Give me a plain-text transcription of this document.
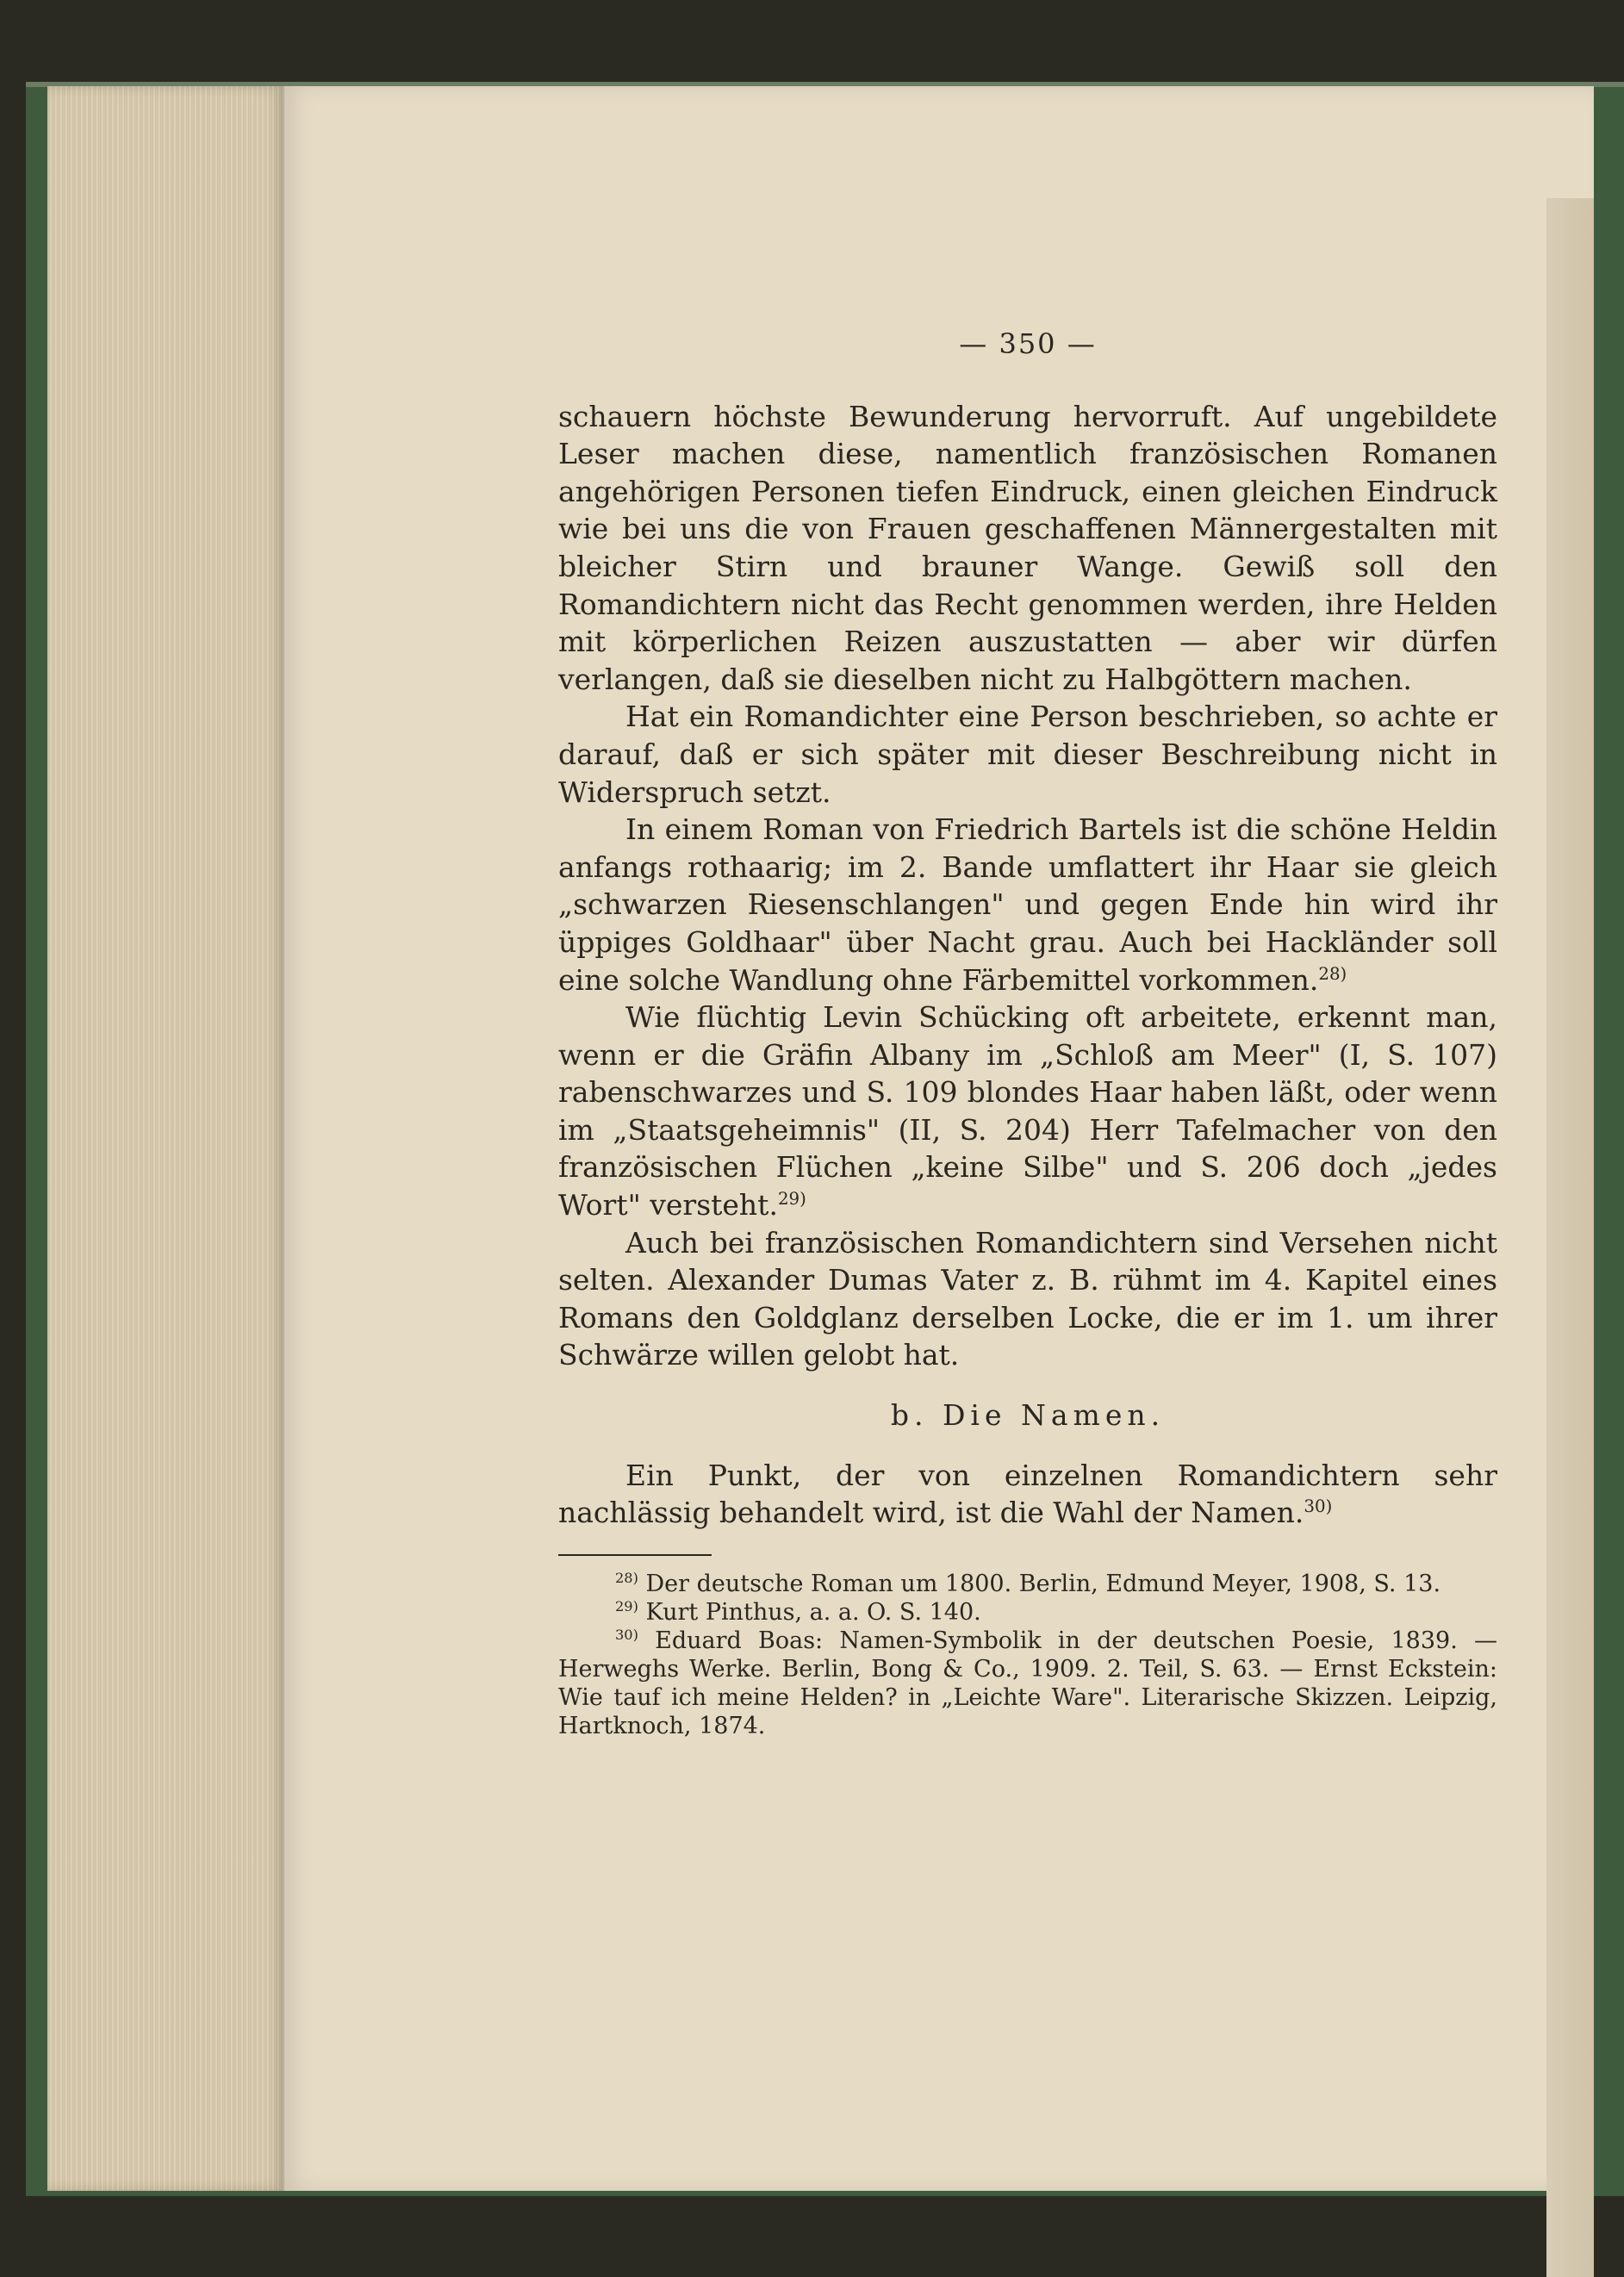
— 350 —

schauern höchste Bewunderung hervorruft. Auf ungebildete Leser machen diese, namentlich französischen Romanen angehörigen Personen tiefen Eindruck, einen gleichen Eindruck wie bei uns die von Frauen geschaffenen Männergestalten mit bleicher Stirn und brauner Wange. Gewiß soll den Romandichtern nicht das Recht genommen werden, ihre Helden mit körperlichen Reizen auszustatten — aber wir dürfen verlangen, daß sie dieselben nicht zu Halbgöttern machen.

Hat ein Romandichter eine Person beschrieben, so achte er darauf, daß er sich später mit dieser Beschreibung nicht in Widerspruch setzt.

In einem Roman von Friedrich Bartels ist die schöne Heldin anfangs rothaarig; im 2. Bande umflattert ihr Haar sie gleich „schwarzen Riesenschlangen" und gegen Ende hin wird ihr üppiges Goldhaar" über Nacht grau. Auch bei Hackländer soll eine solche Wandlung ohne Färbemittel vorkommen.$^{28)}$

Wie flüchtig Levin Schücking oft arbeitete, erkennt man, wenn er die Gräfin Albany im „Schloß am Meer" (I, S. 107) rabenschwarzes und S. 109 blondes Haar haben läßt, oder wenn im „Staatsgeheimnis" (II, S. 204) Herr Tafelmacher von den französischen Flüchen „keine Silbe" und S. 206 doch „jedes Wort" versteht.$^{29)}$

Auch bei französischen Romandichtern sind Versehen nicht selten. Alexander Dumas Vater z. B. rühmt im 4. Kapitel eines Romans den Goldglanz derselben Locke, die er im 1. um ihrer Schwärze willen gelobt hat.

b. Die Namen.

Ein Punkt, der von einzelnen Romandichtern sehr nachlässig behandelt wird, ist die Wahl der Namen.$^{30)}$

$^{28)}$ Der deutsche Roman um 1800. Berlin, Edmund Meyer, 1908, S. 13.

$^{29)}$ Kurt Pinthus, a. a. O. S. 140.

$^{30)}$ Eduard Boas: Namen-Symbolik in der deutschen Poesie, 1839. — Herweghs Werke. Berlin, Bong & Co., 1909. 2. Teil, S. 63. — Ernst Eckstein: Wie tauf ich meine Helden? in „Leichte Ware". Literarische Skizzen. Leipzig, Hartknoch, 1874.
